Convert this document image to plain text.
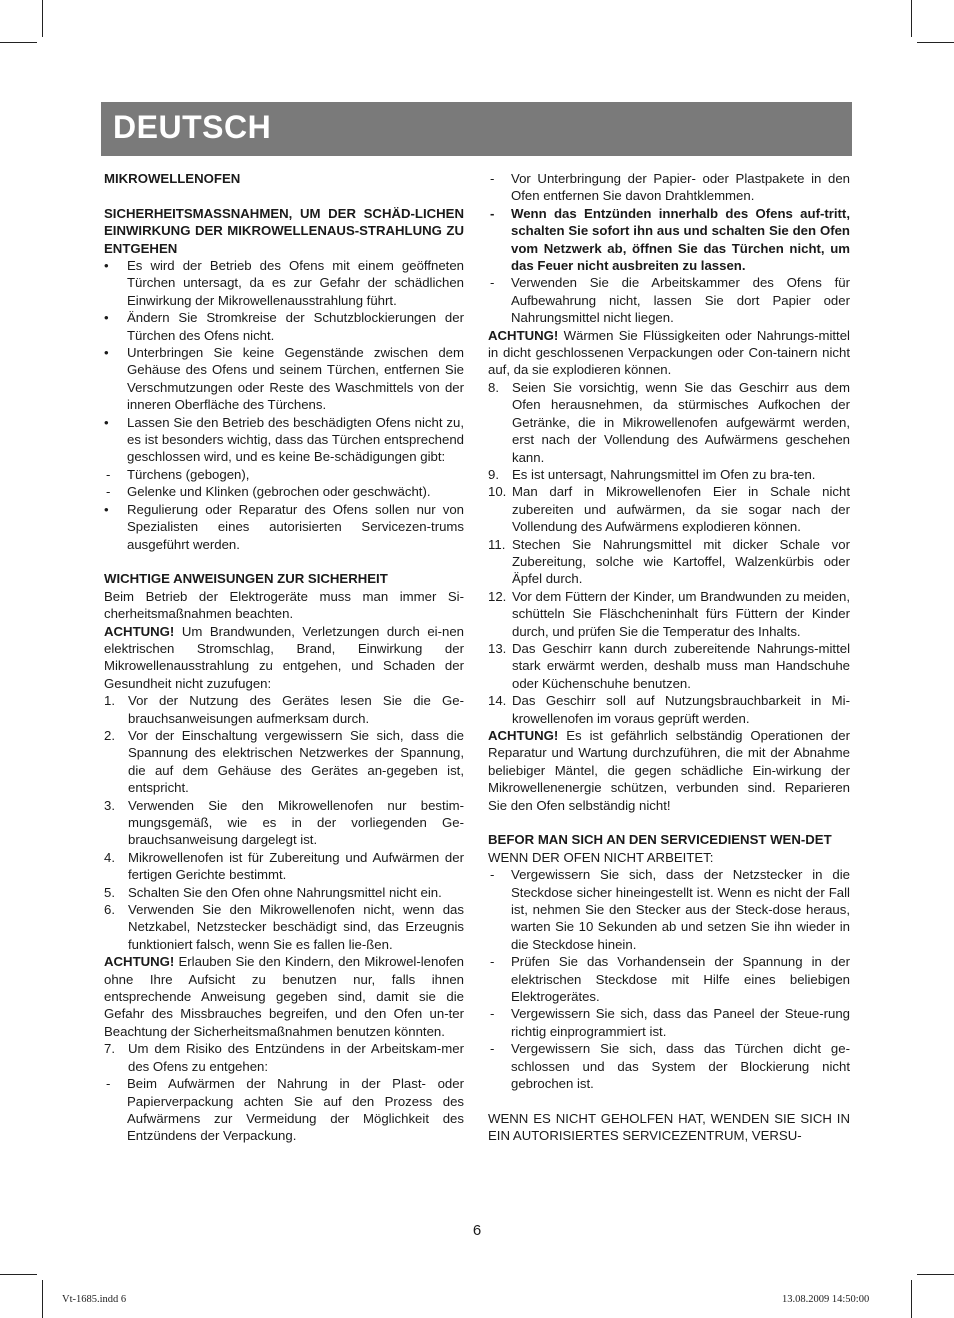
DEUTSCH

MIKROWELLENOFEN

SICHERHEITSMASSNAHMEN, UM DER SCHÄD-LICHEN EINWIRKUNG DER MIKROWELLENAUS-STRAHLUNG ZU ENTGEHEN

• Es wird der Betrieb des Ofens mit einem geöffneten Türchen untersagt, da es zur Gefahr der schädlichen Einwirkung der Mikrowellenausstrahlung führt.
• Ändern Sie Stromkreise der Schutzblockierungen der Türchen des Ofens nicht.
• Unterbringen Sie keine Gegenstände zwischen dem Gehäuse des Ofens und seinem Türchen, entfernen Sie Verschmutzungen oder Reste des Waschmittels von der inneren Oberfläche des Türchens.
• Lassen Sie den Betrieb des beschädigten Ofens nicht zu, es ist besonders wichtig, dass das Türchen entsprechend geschlossen wird, und es keine Be-schädigungen gibt:
- Türchens (gebogen),
- Gelenke und Klinken (gebrochen oder geschwächt).
• Regulierung oder Reparatur des Ofens sollen nur von Spezialisten eines autorisierten Servicezen-trums ausgeführt werden.

WICHTIGE ANWEISUNGEN ZUR SICHERHEIT

Beim Betrieb der Elektrogeräte muss man immer Si-cherheitsmaßnahmen beachten.

ACHTUNG! Um Brandwunden, Verletzungen durch ei-nen elektrischen Stromschlag, Brand, Einwirkung der Mikrowellenausstrahlung zu entgehen, und Schaden der Gesundheit nicht zuzufugen:

1. Vor der Nutzung des Gerätes lesen Sie die Ge-brauchsanweisungen aufmerksam durch.
2. Vor der Einschaltung vergewissern Sie sich, dass die Spannung des elektrischen Netzwerkes der Spannung, die auf dem Gehäuse des Gerätes an-gegeben ist, entspricht.
3. Verwenden Sie den Mikrowellenofen nur bestim-mungsgemäß, wie es in der vorliegenden Ge-brauchsanweisung dargelegt ist.
4. Mikrowellenofen ist für Zubereitung und Aufwärmen der fertigen Gerichte bestimmt.
5. Schalten Sie den Ofen ohne Nahrungsmittel nicht ein.
6. Verwenden Sie den Mikrowellenofen nicht, wenn das Netzkabel, Netzstecker beschädigt sind, das Erzeugnis funktioniert falsch, wenn Sie es fallen lie-ßen.

ACHTUNG! Erlauben Sie den Kindern, den Mikrowel-lenofen ohne Ihre Aufsicht zu benutzen nur, falls ihnen entsprechende Anweisung gegeben sind, damit sie die Gefahr des Missbrauches begreifen, und den Ofen un-ter Beachtung der Sicherheitsmaßnahmen benutzen könnten.

7. Um dem Risiko des Entzündens in der Arbeitskam-mer des Ofens zu entgehen:
- Beim Aufwärmen der Nahrung in der Plast- oder Papierverpackung achten Sie auf den Prozess des Aufwärmens zur Vermeidung der Möglichkeit des Entzündens der Verpackung.
- Vor Unterbringung der Papier- oder Plastpakete in den Ofen entfernen Sie davon Drahtklemmen.
- Wenn das Entzünden innerhalb des Ofens auf-tritt, schalten Sie sofort ihn aus und schalten Sie den Ofen vom Netzwerk ab, öffnen Sie das Türchen nicht, um das Feuer nicht ausbreiten zu lassen.
- Verwenden Sie die Arbeitskammer des Ofens für Aufbewahrung nicht, lassen Sie dort Papier oder Nahrungsmittel nicht liegen.

ACHTUNG! Wärmen Sie Flüssigkeiten oder Nahrungs-mittel in dicht geschlossenen Verpackungen oder Con-tainern nicht auf, da sie explodieren können.

8. Seien Sie vorsichtig, wenn Sie das Geschirr aus dem Ofen herausnehmen, da stürmisches Aufkochen der Getränke, die in Mikrowellenofen aufgewärmt werden, erst nach der Vollendung des Aufwärmens geschehen kann.
9. Es ist untersagt, Nahrungsmittel im Ofen zu bra-ten.
10. Man darf in Mikrowellenofen Eier in Schale nicht zubereiten und aufwärmen, da sie sogar nach der Vollendung des Aufwärmens explodieren können.
11. Stechen Sie Nahrungsmittel mit dicker Schale vor Zubereitung, solche wie Kartoffel, Walzenkürbis oder Äpfel durch.
12. Vor dem Füttern der Kinder, um Brandwunden zu meiden, schütteln Sie Fläschcheninhalt fürs Füttern der Kinder durch, und prüfen Sie die Temperatur des Inhalts.
13. Das Geschirr kann durch zubereitende Nahrungs-mittel stark erwärmt werden, deshalb muss man Handschuhe oder Küchenschuhe benutzen.
14. Das Geschirr soll auf Nutzungsbrauchbarkeit in Mi-krowellenofen im voraus geprüft werden.

ACHTUNG! Es ist gefährlich selbständig Operationen der Reparatur und Wartung durchzuführen, die mit der Abnahme beliebiger Mäntel, die gegen schädliche Ein-wirkung der Mikrowellenenergie schützen, verbunden sind. Reparieren Sie den Ofen selbständig nicht!

BEFOR MAN SICH AN DEN SERVICEDIENST WEN-DET

WENN DER OFEN NICHT ARBEITET:

- Vergewissern Sie sich, dass der Netzstecker in die Steckdose sicher hineingestellt ist. Wenn es nicht der Fall ist, nehmen Sie den Stecker aus der Steck-dose heraus, warten Sie 10 Sekunden ab und setzen Sie ihn wieder in die Steckdose hinein.
- Prüfen Sie das Vorhandensein der Spannung in der elektrischen Steckdose mit Hilfe eines beliebigen Elektrogerätes.
- Vergewissern Sie sich, dass das Paneel der Steue-rung richtig einprogrammiert ist.
- Vergewissern Sie sich, dass das Türchen dicht ge-schlossen und das System der Blockierung nicht gebrochen ist.

WENN ES NICHT GEHOLFEN HAT, WENDEN SIE SICH IN EIN AUTORISIERTES SERVICEZENTRUM, VERSU-

6
Vt-1685.indd 6	13.08.2009 14:50:00
